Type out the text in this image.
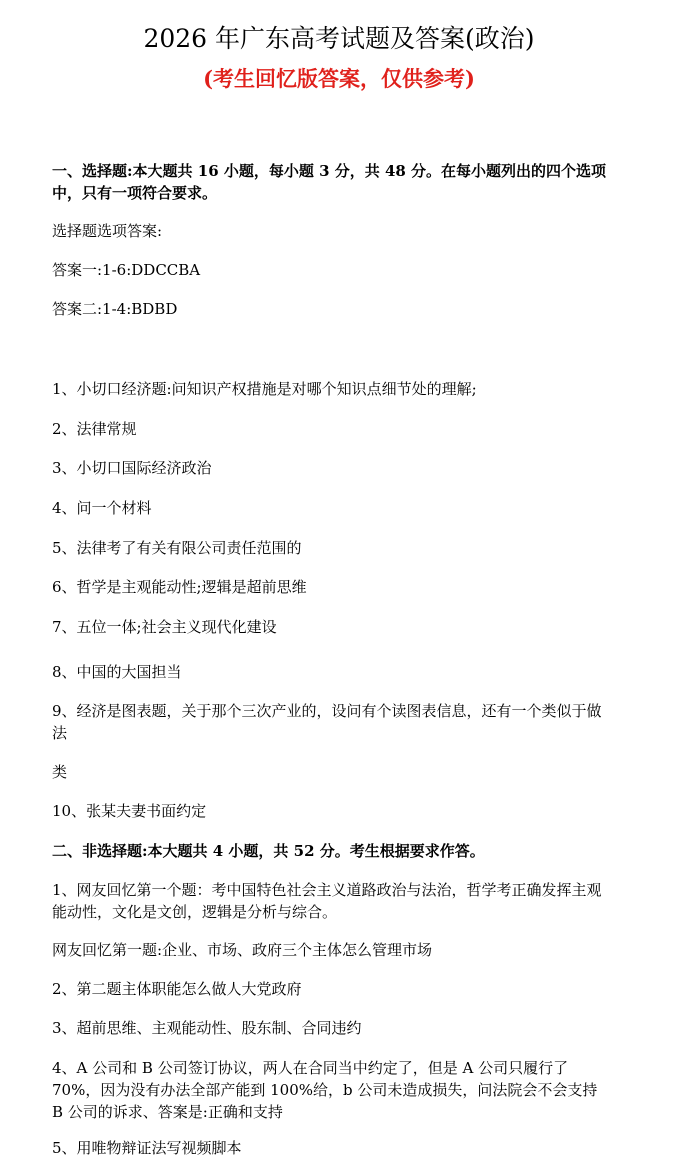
2026 年广东高考试题及答案(政治)
(考生回忆版答案，仅供参考)

一、选择题:本大题共 16 小题，每小题 3 分，共 48 分。在每小题列出的四个选项中，只有一项符合要求。

选择题选项答案:

答案一:1-6:DDCCBA

答案二:1-4:BDBD

1、小切口经济题:问知识产权措施是对哪个知识点细节处的理解;

2、法律常规

3、小切口国际经济政治

4、问一个材料

5、法律考了有关有限公司责任范围的

6、哲学是主观能动性;逻辑是超前思维

7、五位一体;社会主义现代化建设

8、中国的大国担当

9、经济是图表题，关于那个三次产业的，设问有个读图表信息，还有一个类似于做法

类

10、张某夫妻书面约定

二、非选择题:本大题共 4 小题，共 52 分。考生根据要求作答。

1、网友回忆第一个题：考中国特色社会主义道路政治与法治，哲学考正确发挥主观能动性，文化是文创，逻辑是分析与综合。

网友回忆第一题:企业、市场、政府三个主体怎么管理市场

2、第二题主体职能怎么做人大党政府

3、超前思维、主观能动性、股东制、合同违约

4、A 公司和 B 公司签订协议，两人在合同当中约定了，但是 A 公司只履行了 70%，因为没有办法全部产能到 100%给，b 公司未造成损失，问法院会不会支持 B 公司的诉求、答案是:正确和支持

5、用唯物辩证法写视频脚本
